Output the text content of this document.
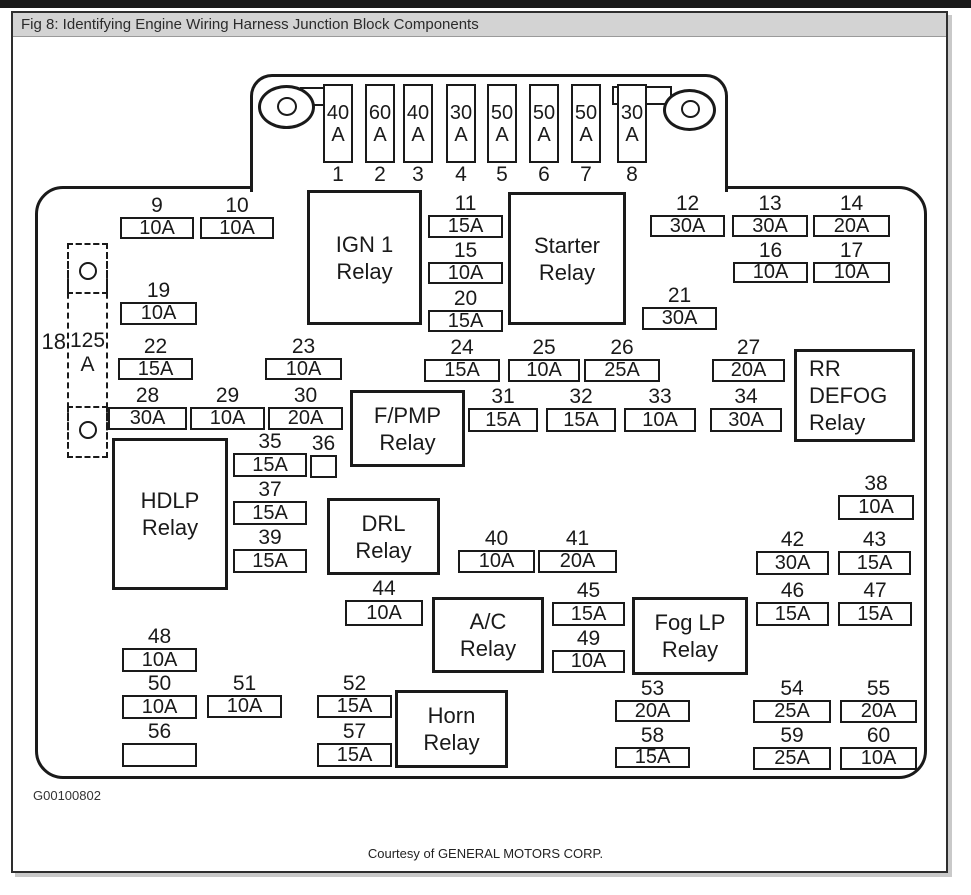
Fig 8: Identifying Engine Wiring Harness Junction Block Components
18 125
A
40
A
1
60
A
2
40
A
3
30
A
4
50
A
5
50
A
6
50
A
7
30
A
8
9
10A
10
10A
11
15A
12
30A
13
30A
14
20A
15
10A
16
10A
17
10A
19
10A
20
15A
21
30A
22
15A
23
10A
24
15A
25
10A
26
25A
27
20A
28
30A
29
10A
30
20A
31
15A
32
15A
33
10A
34
30A
35
15A
36
37
15A
38
10A
39
15A
40
10A
41
20A
42
30A
43
15A
44
10A
45
15A
46
15A
47
15A
48
10A
49
10A
50
10A
51
10A
52
15A
53
20A
54
25A
55
20A
56	57
15A
58
15A
59
25A
60
10A
IGN 1
Relay
Starter
Relay
RR
DEFOG
Relay
F/PMP
Relay
HDLP
Relay	DRL
Relay
A/C
Relay
Fog LP
Relay
Horn
Relay
G00100802
Courtesy of GENERAL MOTORS CORP.
